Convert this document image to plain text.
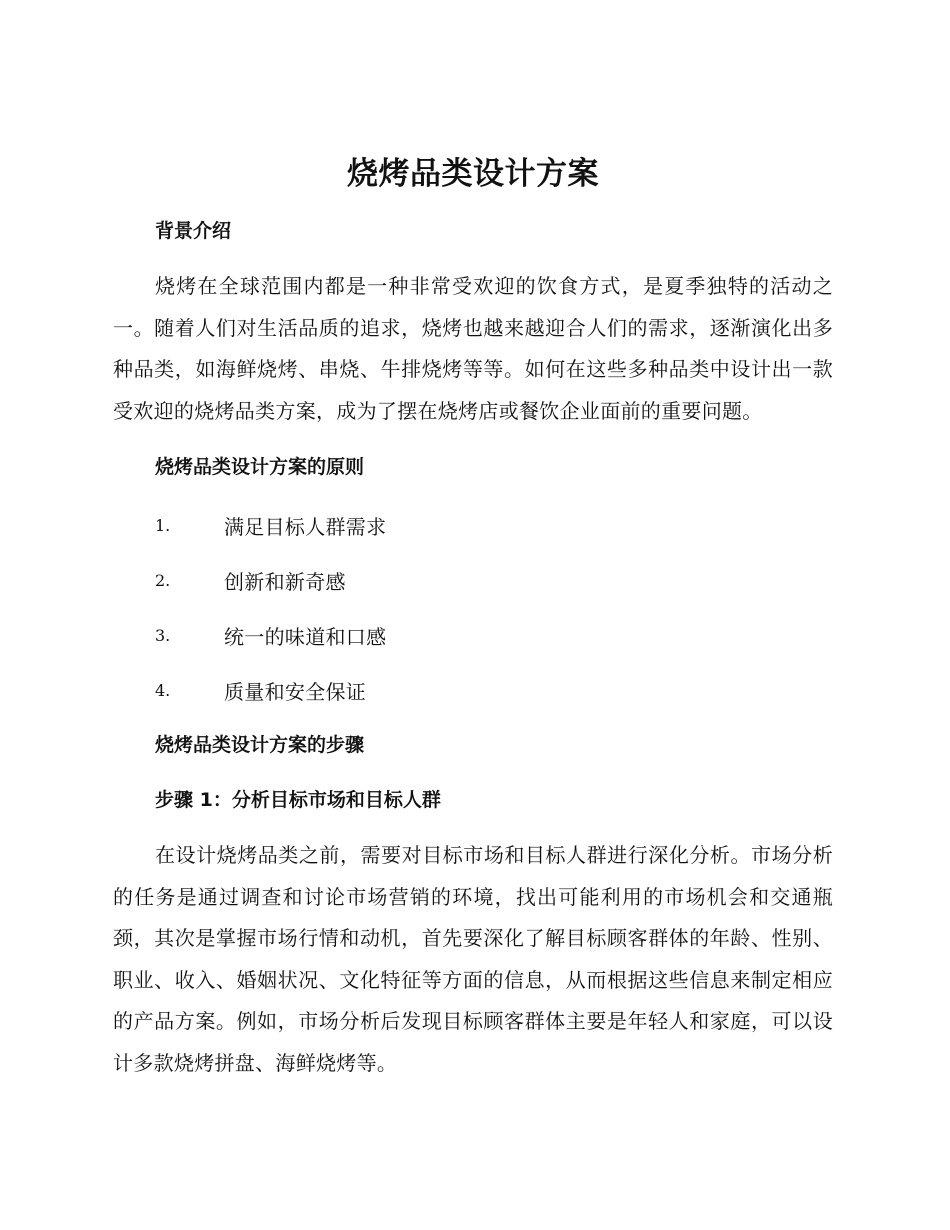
烧烤品类设计方案
背景介绍

烧烤在全球范围内都是一种非常受欢迎的饮食方式，是夏季独特的活动之一。随着人们对生活品质的追求，烧烤也越来越迎合人们的需求，逐渐演化出多种品类，如海鲜烧烤、串烧、牛排烧烤等等。如何在这些多种品类中设计出一款受欢迎的烧烤品类方案，成为了摆在烧烤店或餐饮企业面前的重要问题。

烧烤品类设计方案的原则
1.	满足目标人群需求
2.	创新和新奇感
3.	统一的味道和口感
4.	质量和安全保证
烧烤品类设计方案的步骤
步骤 1：分析目标市场和目标人群

在设计烧烤品类之前，需要对目标市场和目标人群进行深化分析。市场分析的任务是通过调查和讨论市场营销的环境，找出可能利用的市场机会和交通瓶颈，其次是掌握市场行情和动机，首先要深化了解目标顾客群体的年龄、性别、职业、收入、婚姻状况、文化特征等方面的信息，从而根据这些信息来制定相应的产品方案。例如，市场分析后发现目标顾客群体主要是年轻人和家庭，可以设计多款烧烤拼盘、海鲜烧烤等。
